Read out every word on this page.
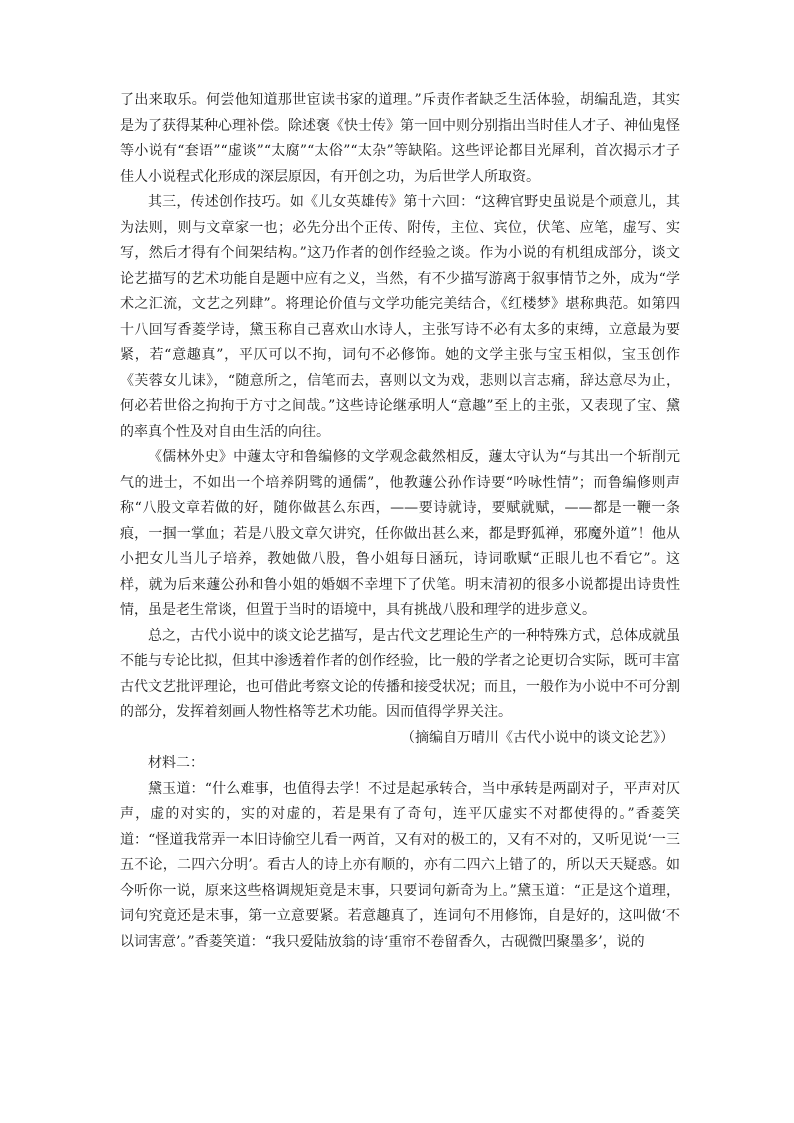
了出来取乐。何尝他知道那世宦读书家的道理。”斥责作者缺乏生活体验，胡编乱造，其实是为了获得某种心理补偿。除述褒《快士传》第一回中则分别指出当时佳人才子、神仙鬼怪等小说有“套语”“虚谈”“太腐”“太俗”“太杂”等缺陷。这些评论都目光犀利，首次揭示才子佳人小说程式化形成的深层原因，有开创之功，为后世学人所取资。

其三，传述创作技巧。如《儿女英雄传》第十六回：“这稗官野史虽说是个顽意儿，其为法则，则与文章家一也；必先分出个正传、附传，主位、宾位，伏笔、应笔，虚写、实写，然后才得有个间架结构。”这乃作者的创作经验之谈。作为小说的有机组成部分，谈文论艺描写的艺术功能自是题中应有之义，当然，有不少描写游离于叙事情节之外，成为“学术之汇流，文艺之列肆”。将理论价值与文学功能完美结合，《红楼梦》堪称典范。如第四十八回写香菱学诗，黛玉称自己喜欢山水诗人，主张写诗不必有太多的束缚，立意最为要紧，若“意趣真”，平仄可以不拘，词句不必修饰。她的文学主张与宝玉相似，宝玉创作《芙蓉女儿诔》，“随意所之，信笔而去，喜则以文为戏，悲则以言志痛，辞达意尽为止，何必若世俗之拘拘于方寸之间哉。”这些诗论继承明人“意趣”至上的主张，又表现了宝、黛的率真个性及对自由生活的向往。

《儒林外史》中蘧太守和鲁编修的文学观念截然相反，蘧太守认为“与其出一个斩削元气的进士，不如出一个培养阴骘的通儒”，他教蘧公孙作诗要“吟咏性情”；而鲁编修则声称“八股文章若做的好，随你做甚么东西，——要诗就诗，要赋就赋，——都是一鞭一条痕，一掴一掌血；若是八股文章欠讲究，任你做出甚么来，都是野狐禅，邪魔外道”！他从小把女儿当儿子培养，教她做八股，鲁小姐每日涵玩，诗词歌赋“正眼儿也不看它”。这样，就为后来蘧公孙和鲁小姐的婚姻不幸埋下了伏笔。明末清初的很多小说都提出诗贵性情，虽是老生常谈，但置于当时的语境中，具有挑战八股和理学的进步意义。

总之，古代小说中的谈文论艺描写，是古代文艺理论生产的一种特殊方式，总体成就虽不能与专论比拟，但其中渗透着作者的创作经验，比一般的学者之论更切合实际，既可丰富古代文艺批评理论，也可借此考察文论的传播和接受状况；而且，一般作为小说中不可分割的部分，发挥着刻画人物性格等艺术功能。因而值得学界关注。

（摘编自万晴川《古代小说中的谈文论艺》）

材料二：

黛玉道：“什么难事，也值得去学！不过是起承转合，当中承转是两副对子，平声对仄声，虚的对实的，实的对虚的，若是果有了奇句，连平仄虚实不对都使得的。”香菱笑道：“怪道我常弄一本旧诗偷空儿看一两首，又有对的极工的，又有不对的，又听见说‘一三五不论，二四六分明’。看古人的诗上亦有顺的，亦有二四六上错了的，所以天天疑惑。如今听你一说，原来这些格调规矩竟是末事，只要词句新奇为上。”黛玉道：“正是这个道理，词句究竟还是末事，第一立意要紧。若意趣真了，连词句不用修饰，自是好的，这叫做‘不以词害意’。”香菱笑道：“我只爱陆放翁的诗‘重帘不卷留香久，古砚微凹聚墨多’，说的
